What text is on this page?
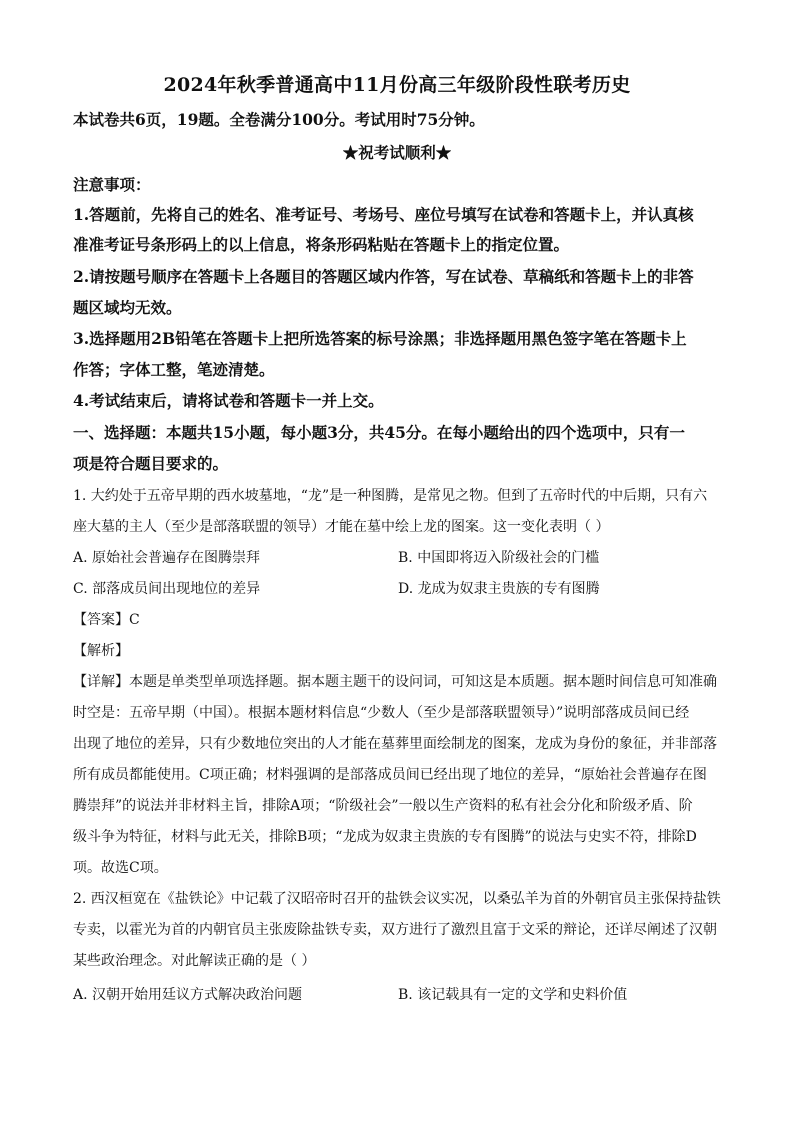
2024年秋季普通高中11月份高三年级阶段性联考历史
本试卷共6页，19题。全卷满分100分。考试用时75分钟。
★祝考试顺利★
注意事项：
1.答题前，先将自己的姓名、准考证号、考场号、座位号填写在试卷和答题卡上，并认真核
准准考证号条形码上的以上信息，将条形码粘贴在答题卡上的指定位置。
2.请按题号顺序在答题卡上各题目的答题区域内作答，写在试卷、草稿纸和答题卡上的非答
题区域均无效。
3.选择题用2B铅笔在答题卡上把所选答案的标号涂黑；非选择题用黑色签字笔在答题卡上
作答；字体工整，笔迹清楚。
4.考试结束后，请将试卷和答题卡一并上交。
一、选择题：本题共15小题，每小题3分，共45分。在每小题给出的四个选项中，只有一
项是符合题目要求的。
1. 大约处于五帝早期的西水坡墓地，“龙”是一种图腾，是常见之物。但到了五帝时代的中后期，只有六
座大墓的主人（至少是部落联盟的领导）才能在墓中绘上龙的图案。这一变化表明（ ）
A. 原始社会普遍存在图腾崇拜	B. 中国即将迈入阶级社会的门槛
C. 部落成员间出现地位的差异	D. 龙成为奴隶主贵族的专有图腾
【答案】C
【解析】
【详解】本题是单类型单项选择题。据本题主题干的设问词，可知这是本质题。据本题时间信息可知准确
时空是：五帝早期（中国）。根据本题材料信息“少数人（至少是部落联盟领导）”说明部落成员间已经
出现了地位的差异，只有少数地位突出的人才能在墓葬里面绘制龙的图案，龙成为身份的象征，并非部落
所有成员都能使用。C项正确；材料强调的是部落成员间已经出现了地位的差异，“原始社会普遍存在图
腾崇拜”的说法并非材料主旨，排除A项；“阶级社会”一般以生产资料的私有社会分化和阶级矛盾、阶
级斗争为特征，材料与此无关，排除B项；“龙成为奴隶主贵族的专有图腾”的说法与史实不符，排除D
项。故选C项。
2. 西汉桓宽在《盐铁论》中记载了汉昭帝时召开的盐铁会议实况，以桑弘羊为首的外朝官员主张保持盐铁
专卖，以霍光为首的内朝官员主张废除盐铁专卖，双方进行了激烈且富于文采的辩论，还详尽阐述了汉朝
某些政治理念。对此解读正确的是（ ）
A. 汉朝开始用廷议方式解决政治问题	B. 该记载具有一定的文学和史料价值
